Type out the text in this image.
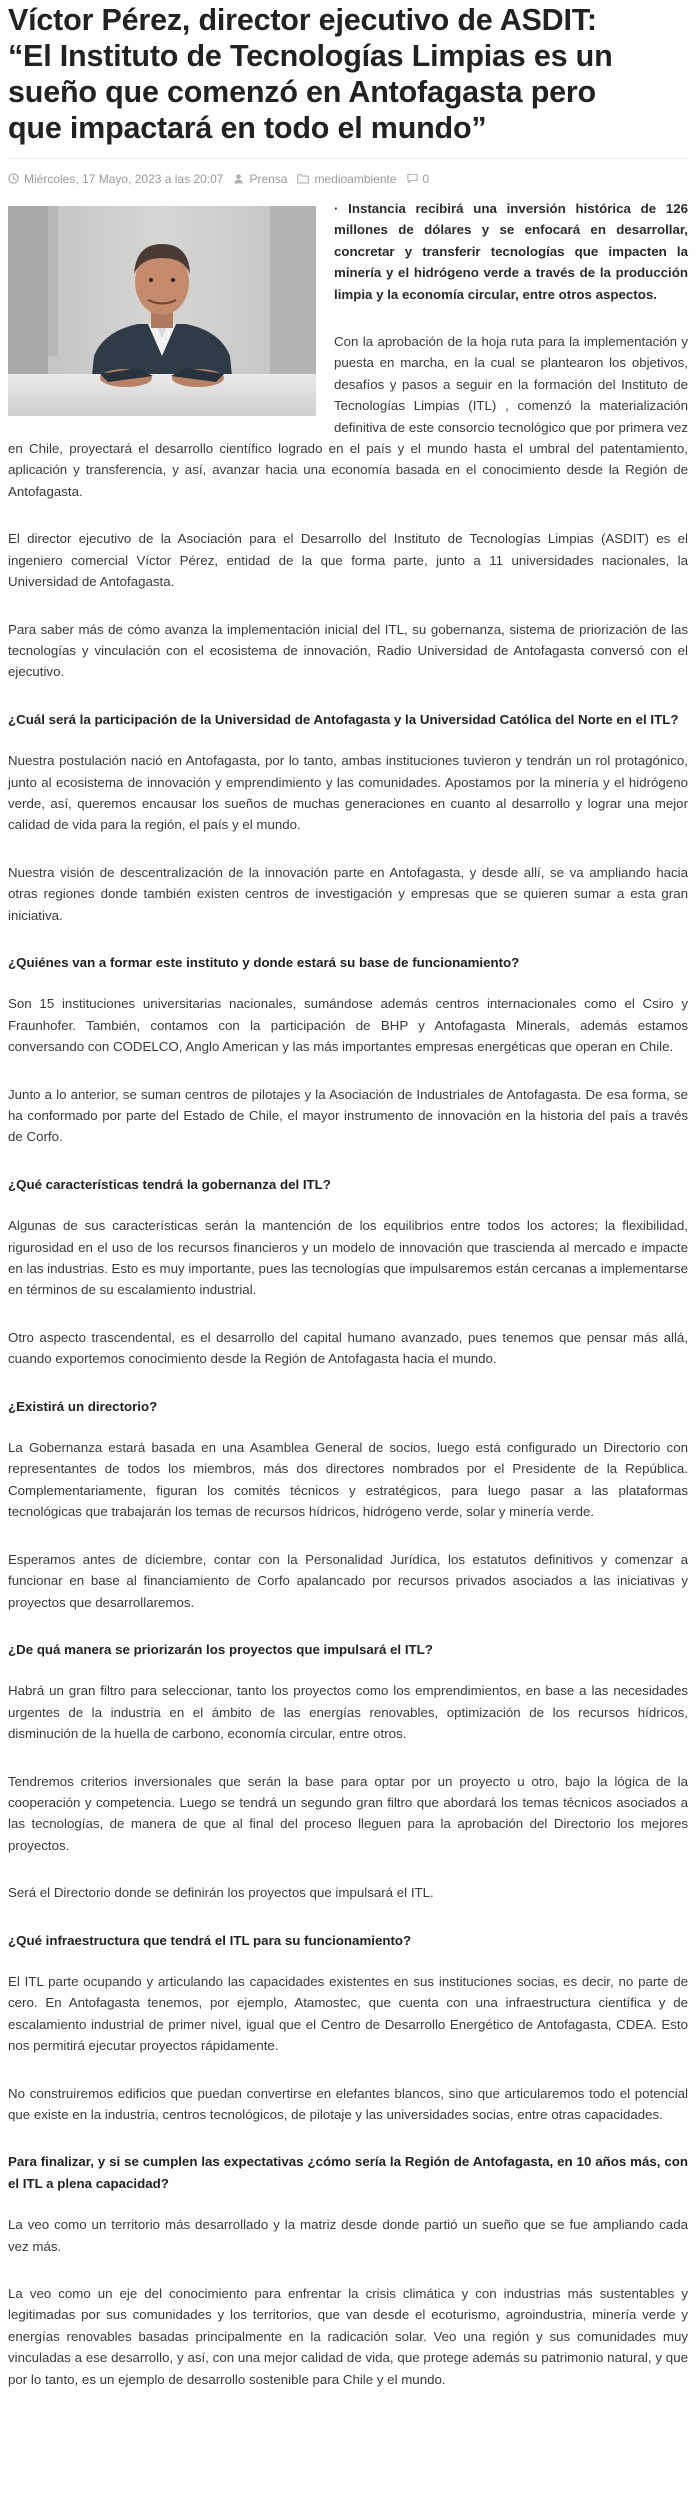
Víctor Pérez, director ejecutivo de ASDIT:
“El Instituto de Tecnologías Limpias es un
sueño que comenzó en Antofagasta pero
que impactará en todo el mundo”
Miércoles, 17 Mayo, 2023 a las 20:07 Prensa medioambiente 0

· Instancia recibirá una inversión histórica de 126 millones de dólares y se enfocará en desarrollar, concretar y transferir tecnologías que impacten la minería y el hidrógeno verde a través de la producción limpia y la economía circular, entre otros aspectos.

Con la aprobación de la hoja ruta para la implementación y puesta en marcha, en la cual se plantearon los objetivos, desafíos y pasos a seguir en la formación del Instituto de Tecnologías Limpias (ITL) , comenzó la materialización definitiva de este consorcio tecnológico que por primera vez en Chile, proyectará el desarrollo científico logrado en el país y el mundo hasta el umbral del patentamiento, aplicación y transferencia, y así, avanzar hacia una economía basada en el conocimiento desde la Región de Antofagasta.

El director ejecutivo de la Asociación para el Desarrollo del Instituto de Tecnologías Limpias (ASDIT) es el ingeniero comercial Víctor Pérez, entidad de la que forma parte, junto a 11 universidades nacionales, la Universidad de Antofagasta.

Para saber más de cómo avanza la implementación inicial del ITL, su gobernanza, sistema de priorización de las tecnologías y vinculación con el ecosistema de innovación, Radio Universidad de Antofagasta conversó con el ejecutivo.

¿Cuál será la participación de la Universidad de Antofagasta y la Universidad Católica del Norte en el ITL?

Nuestra postulación nació en Antofagasta, por lo tanto, ambas instituciones tuvieron y tendrán un rol protagónico, junto al ecosistema de innovación y emprendimiento y las comunidades. Apostamos por la minería y el hidrógeno verde, así, queremos encausar los sueños de muchas generaciones en cuanto al desarrollo y lograr una mejor calidad de vida para la región, el país y el mundo.

Nuestra visión de descentralización de la innovación parte en Antofagasta, y desde allí, se va ampliando hacia otras regiones donde también existen centros de investigación y empresas que se quieren sumar a esta gran iniciativa.

¿Quiénes van a formar este instituto y donde estará su base de funcionamiento?

Son 15 instituciones universitarias nacionales, sumándose además centros internacionales como el Csiro y Fraunhofer. También, contamos con la participación de BHP y Antofagasta Minerals, además estamos conversando con CODELCO, Anglo American y las más importantes empresas energéticas que operan en Chile.

Junto a lo anterior, se suman centros de pilotajes y la Asociación de Industriales de Antofagasta. De esa forma, se ha conformado por parte del Estado de Chile, el mayor instrumento de innovación en la historia del país a través de Corfo.

¿Qué características tendrá la gobernanza del ITL?

Algunas de sus características serán la mantención de los equilibrios entre todos los actores; la flexibilidad, rigurosidad en el uso de los recursos financieros y un modelo de innovación que trascienda al mercado e impacte en las industrias. Esto es muy importante, pues las tecnologías que impulsaremos están cercanas a implementarse en términos de su escalamiento industrial.

Otro aspecto trascendental, es el desarrollo del capital humano avanzado, pues tenemos que pensar más allá, cuando exportemos conocimiento desde la Región de Antofagasta hacia el mundo.

¿Existirá un directorio?

La Gobernanza estará basada en una Asamblea General de socios, luego está configurado un Directorio con representantes de todos los miembros, más dos directores nombrados por el Presidente de la República. Complementariamente, figuran los comités técnicos y estratégicos, para luego pasar a las plataformas tecnológicas que trabajarán los temas de recursos hídricos, hidrógeno verde, solar y minería verde.

Esperamos antes de diciembre, contar con la Personalidad Jurídica, los estatutos definitivos y comenzar a funcionar en base al financiamiento de Corfo apalancado por recursos privados asociados a las iniciativas y proyectos que desarrollaremos.

¿De quá manera se priorizarán los proyectos que impulsará el ITL?

Habrá un gran filtro para seleccionar, tanto los proyectos como los emprendimientos, en base a las necesidades urgentes de la industria en el ámbito de las energías renovables, optimización de los recursos hídricos, disminución de la huella de carbono, economía circular, entre otros.

Tendremos criterios inversionales que serán la base para optar por un proyecto u otro, bajo la lógica de la cooperación y competencia. Luego se tendrá un segundo gran filtro que abordará los temas técnicos asociados a las tecnologías, de manera de que al final del proceso lleguen para la aprobación del Directorio los mejores proyectos.

Será el Directorio donde se definirán los proyectos que impulsará el ITL.

¿Qué infraestructura que tendrá el ITL para su funcionamiento?

El ITL parte ocupando y articulando las capacidades existentes en sus instituciones socias, es decir, no parte de cero. En Antofagasta tenemos, por ejemplo, Atamostec, que cuenta con una infraestructura científica y de escalamiento industrial de primer nivel, igual que el Centro de Desarrollo Energético de Antofagasta, CDEA. Esto nos permitirá ejecutar proyectos rápidamente.

No construiremos edificios que puedan convertirse en elefantes blancos, sino que articularemos todo el potencial que existe en la industria, centros tecnológicos, de pilotaje y las universidades socias, entre otras capacidades.

Para finalizar, y si se cumplen las expectativas ¿cómo sería la Región de Antofagasta, en 10 años más, con el ITL a plena capacidad?

La veo como un territorio más desarrollado y la matriz desde donde partió un sueño que se fue ampliando cada vez más.

La veo como un eje del conocimiento para enfrentar la crisis climática y con industrias más sustentables y legitimadas por sus comunidades y los territorios, que van desde el ecoturismo, agroindustria, minería verde y energías renovables basadas principalmente en la radicación solar. Veo una región y sus comunidades muy vinculadas a ese desarrollo, y así, con una mejor calidad de vida, que protege además su patrimonio natural, y que por lo tanto, es un ejemplo de desarrollo sostenible para Chile y el mundo.
